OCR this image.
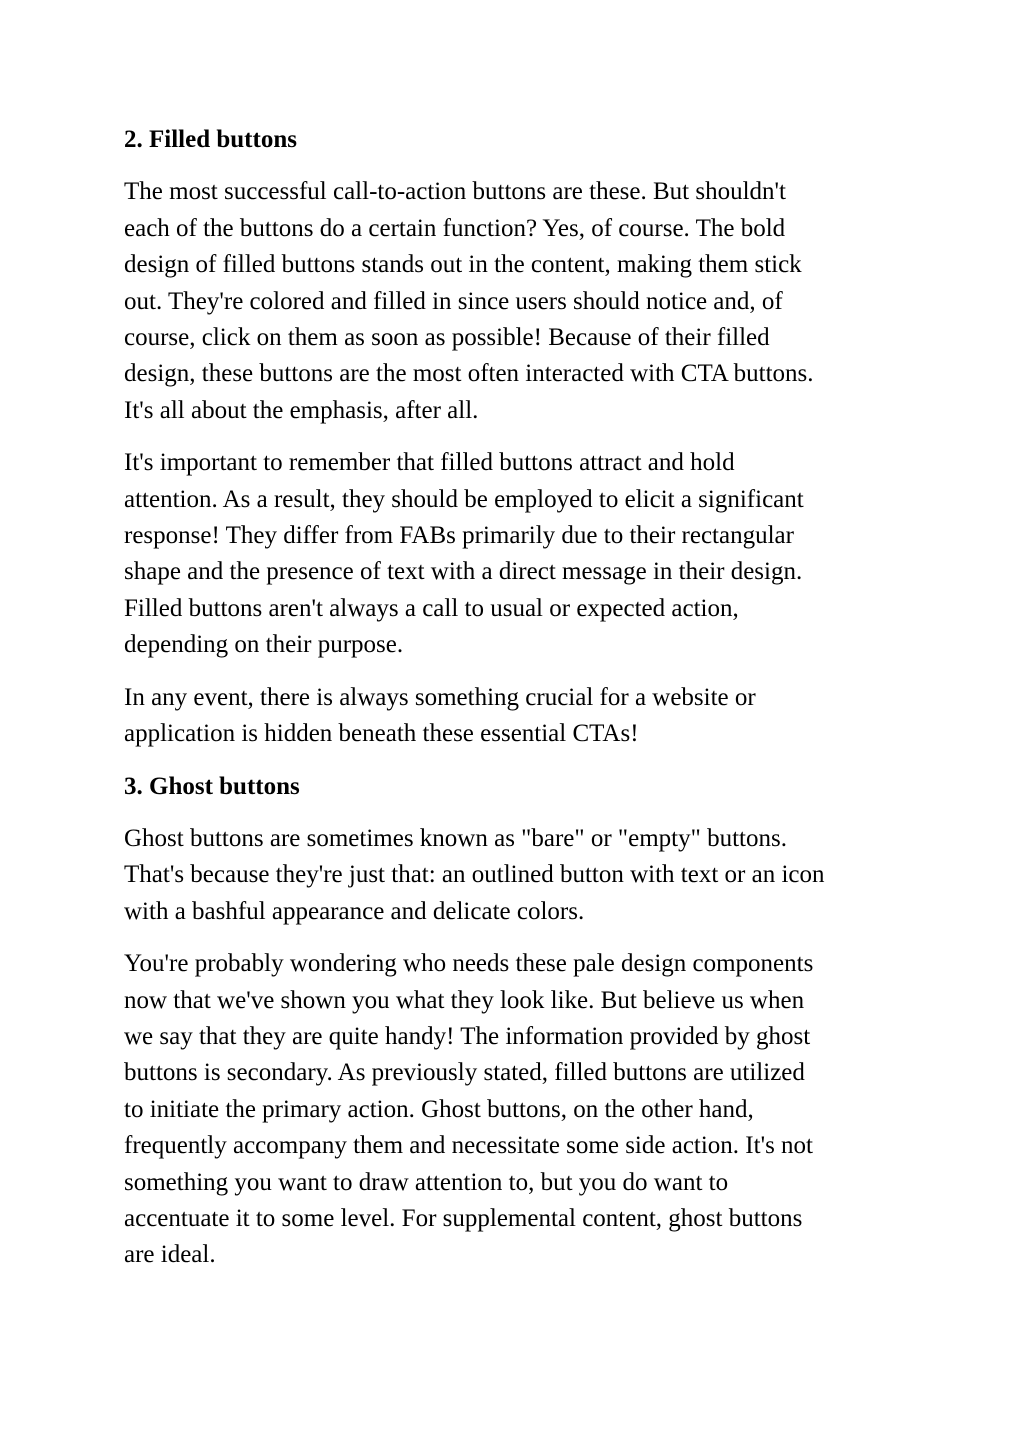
2. Filled buttons
The most successful call-to-action buttons are these. But shouldn't
each of the buttons do a certain function? Yes, of course. The bold
design of filled buttons stands out in the content, making them stick
out. They're colored and filled in since users should notice and, of
course, click on them as soon as possible! Because of their filled
design, these buttons are the most often interacted with CTA buttons.
It's all about the emphasis, after all.
It's important to remember that filled buttons attract and hold
attention. As a result, they should be employed to elicit a significant
response! They differ from FABs primarily due to their rectangular
shape and the presence of text with a direct message in their design.
Filled buttons aren't always a call to usual or expected action,
depending on their purpose.
In any event, there is always something crucial for a website or
application is hidden beneath these essential CTAs!
3. Ghost buttons
Ghost buttons are sometimes known as "bare" or "empty" buttons.
That's because they're just that: an outlined button with text or an icon
with a bashful appearance and delicate colors.
You're probably wondering who needs these pale design components
now that we've shown you what they look like. But believe us when
we say that they are quite handy! The information provided by ghost
buttons is secondary. As previously stated, filled buttons are utilized
to initiate the primary action. Ghost buttons, on the other hand,
frequently accompany them and necessitate some side action. It's not
something you want to draw attention to, but you do want to
accentuate it to some level. For supplemental content, ghost buttons
are ideal.
